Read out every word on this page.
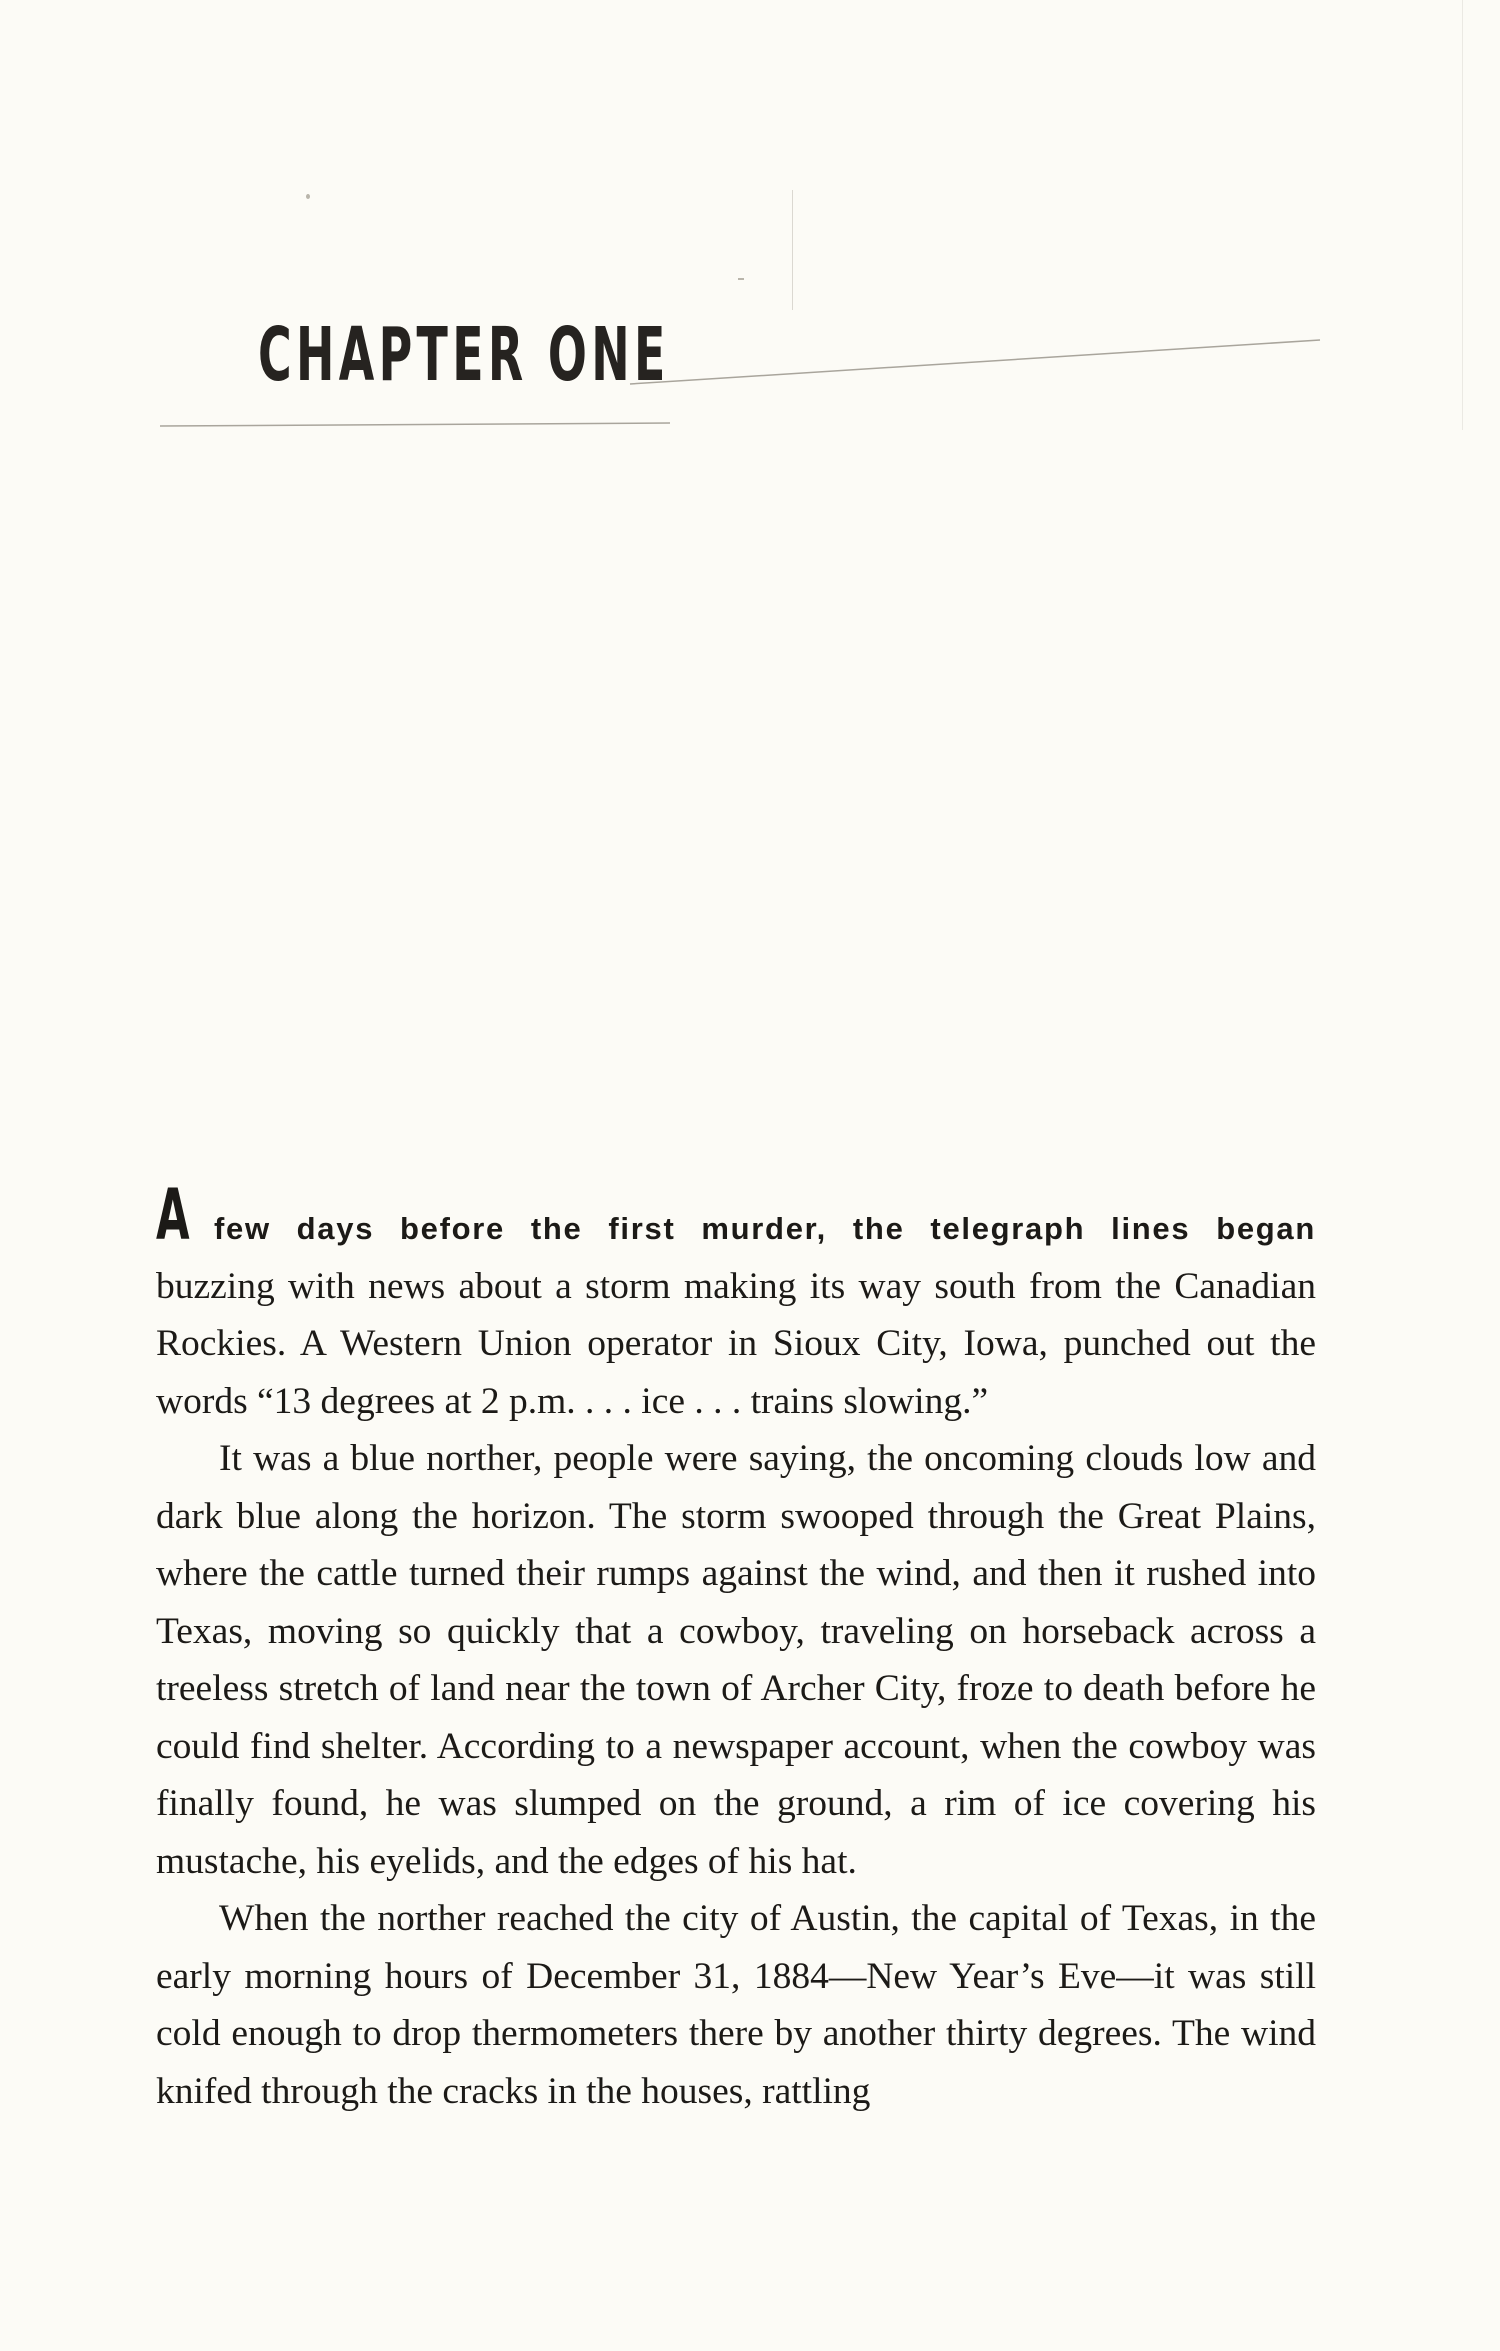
CHAPTER ONE

A few days before the first murder, the telegraph lines began buzzing with news about a storm making its way south from the Canadian Rockies. A Western Union operator in Sioux City, Iowa, punched out the words “13 degrees at 2 p.m. . . . ice . . . trains slowing.”

It was a blue norther, people were saying, the oncoming clouds low and dark blue along the horizon. The storm swooped through the Great Plains, where the cattle turned their rumps against the wind, and then it rushed into Texas, moving so quickly that a cowboy, traveling on horseback across a treeless stretch of land near the town of Archer City, froze to death before he could find shelter. According to a newspaper account, when the cowboy was finally found, he was slumped on the ground, a rim of ice covering his mustache, his eyelids, and the edges of his hat.

When the norther reached the city of Austin, the capital of Texas, in the early morning hours of December 31, 1884—New Year’s Eve—it was still cold enough to drop thermometers there by another thirty degrees. The wind knifed through the cracks in the houses, rattling
